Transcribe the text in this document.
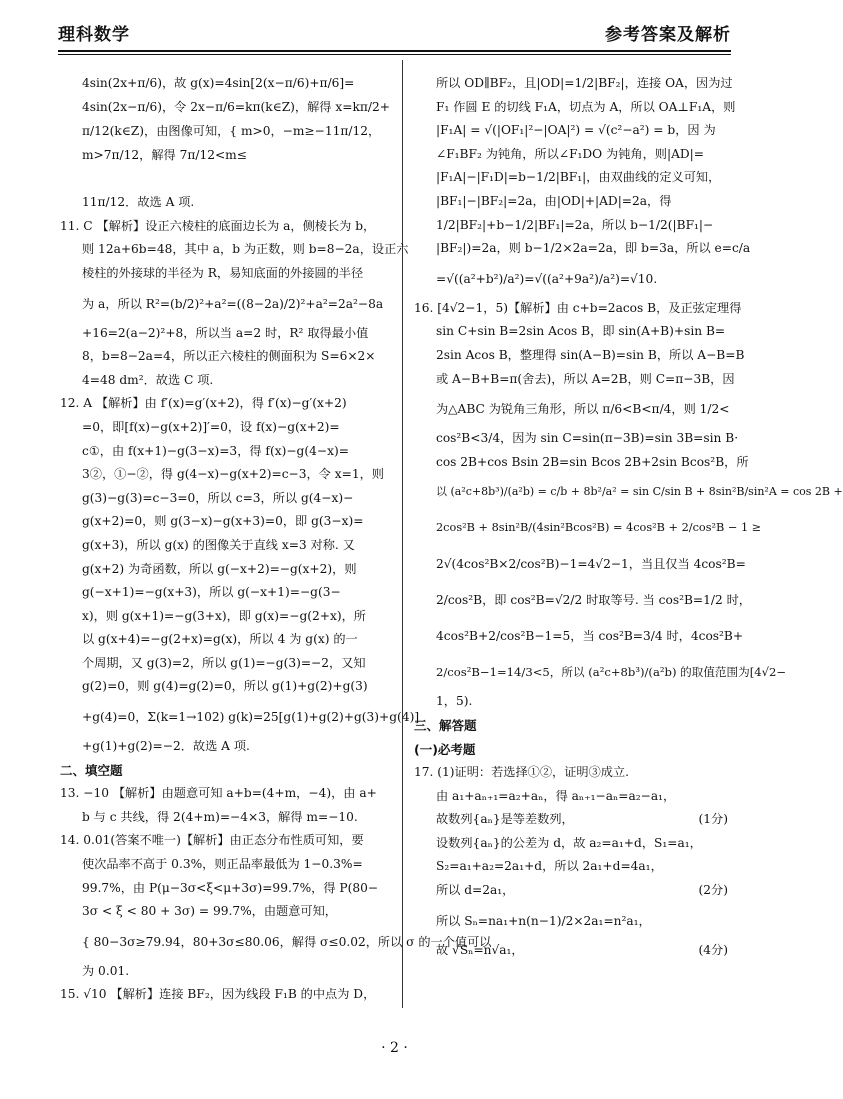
理科数学	参考答案及解析
4sin(2x+π/6)，故 g(x)=4sin[2(x−π/6)+π/6]=
4sin(2x−π/6)，令 2x−π/6=kπ(k∈Z)，解得 x=kπ/2+
π/12(k∈Z)，由图像可知，{ m>0，−m≥−11π/12，m>7π/12，解得 7π/12<m≤
11π/12．故选 A 项.
11. C 【解析】设正六棱柱的底面边长为 a，侧棱长为 b，
则 12a+6b=48，其中 a，b 为正数，则 b=8−2a，设正六
棱柱的外接球的半径为 R，易知底面的外接圆的半径
为 a，所以 R²=(b/2)²+a²=((8−2a)/2)²+a²=2a²−8a
+16=2(a−2)²+8，所以当 a=2 时，R² 取得最小值
8，b=8−2a=4，所以正六棱柱的侧面积为 S=6×2×
4=48 dm²．故选 C 项.
12. A 【解析】由 f′(x)=g′(x+2)，得 f′(x)−g′(x+2)
=0，即[f(x)−g(x+2)]′=0，设 f(x)−g(x+2)=
c①，由 f(x+1)−g(3−x)=3，得 f(x)−g(4−x)=
3②，①−②，得 g(4−x)−g(x+2)=c−3，令 x=1，则
g(3)−g(3)=c−3=0，所以 c=3，所以 g(4−x)−
g(x+2)=0，则 g(3−x)−g(x+3)=0，即 g(3−x)=
g(x+3)，所以 g(x) 的图像关于直线 x=3 对称. 又
g(x+2) 为奇函数，所以 g(−x+2)=−g(x+2)，则
g(−x+1)=−g(x+3)，所以 g(−x+1)=−g(3−
x)，则 g(x+1)=−g(3+x)，即 g(x)=−g(2+x)，所
以 g(x+4)=−g(2+x)=g(x)，所以 4 为 g(x) 的一
个周期，又 g(3)=2，所以 g(1)=−g(3)=−2，又知
g(2)=0，则 g(4)=g(2)=0，所以 g(1)+g(2)+g(3)
+g(4)=0，Σ(k=1→102) g(k)=25[g(1)+g(2)+g(3)+g(4)]
+g(1)+g(2)=−2．故选 A 项.
二、填空题
13. −10 【解析】由题意可知 a+b=(4+m，−4)，由 a+
b 与 c 共线，得 2(4+m)=−4×3，解得 m=−10.
14. 0.01(答案不唯一)【解析】由正态分布性质可知，要
使次品率不高于 0.3%，则正品率最低为 1−0.3%=
99.7%，由 P(μ−3σ<ξ<μ+3σ)=99.7%，得 P(80−
3σ < ξ < 80 + 3σ) = 99.7%，由题意可知，
{ 80−3σ≥79.94，80+3σ≤80.06，解得 σ≤0.02，所以 σ 的一个值可以
为 0.01.
15. √10 【解析】连接 BF₂，因为线段 F₁B 的中点为 D，
所以 OD∥BF₂，且|OD|=1/2|BF₂|，连接 OA，因为过
F₁ 作圆 E 的切线 F₁A，切点为 A，所以 OA⊥F₁A，则
|F₁A| = √(|OF₁|²−|OA|²) = √(c²−a²) = b，因 为
∠F₁BF₂ 为钝角，所以∠F₁DO 为钝角，则|AD|=
|F₁A|−|F₁D|=b−1/2|BF₁|，由双曲线的定义可知，
|BF₁|−|BF₂|=2a，由|OD|+|AD|=2a，得
1/2|BF₂|+b−1/2|BF₁|=2a，所以 b−1/2(|BF₁|−
|BF₂|)=2a，则 b−1/2×2a=2a，即 b=3a，所以 e=c/a
=√((a²+b²)/a²)=√((a²+9a²)/a²)=√10.
16. [4√2−1，5)【解析】由 c+b=2acos B，及正弦定理得
sin C+sin B=2sin Acos B，即 sin(A+B)+sin B=
2sin Acos B，整理得 sin(A−B)=sin B，所以 A−B=B
或 A−B+B=π(舍去)，所以 A=2B，则 C=π−3B，因
为△ABC 为锐角三角形，所以 π/6<B<π/4，则 1/2<
cos²B<3/4，因为 sin C=sin(π−3B)=sin 3B=sin B·
cos 2B+cos Bsin 2B=sin Bcos 2B+2sin Bcos²B，所
以 (a²c+8b³)/(a²b) = c/b + 8b²/a² = sin C/sin B + 8sin²B/sin²A = cos 2B +
2cos²B + 8sin²B/(4sin²Bcos²B) = 4cos²B + 2/cos²B − 1 ≥
2√(4cos²B×2/cos²B)−1=4√2−1，当且仅当 4cos²B=
2/cos²B，即 cos²B=√2/2 时取等号. 当 cos²B=1/2 时，
4cos²B+2/cos²B−1=5，当 cos²B=3/4 时，4cos²B+
2/cos²B−1=14/3<5，所以 (a²c+8b³)/(a²b) 的取值范围为[4√2−
1，5).
三、解答题
(一)必考题
17. (1)证明：若选择①②，证明③成立.
由 a₁+aₙ₊₁=a₂+aₙ，得 aₙ₊₁−aₙ=a₂−a₁，
故数列{aₙ}是等差数列，	(1分)
设数列{aₙ}的公差为 d，故 a₂=a₁+d，S₁=a₁，
S₂=a₁+a₂=2a₁+d，所以 2a₁+d=4a₁，
所以 d=2a₁，	(2分)
所以 Sₙ=na₁+n(n−1)/2×2a₁=n²a₁，
故 √Sₙ=n√a₁，	(4分)
· 2 ·
